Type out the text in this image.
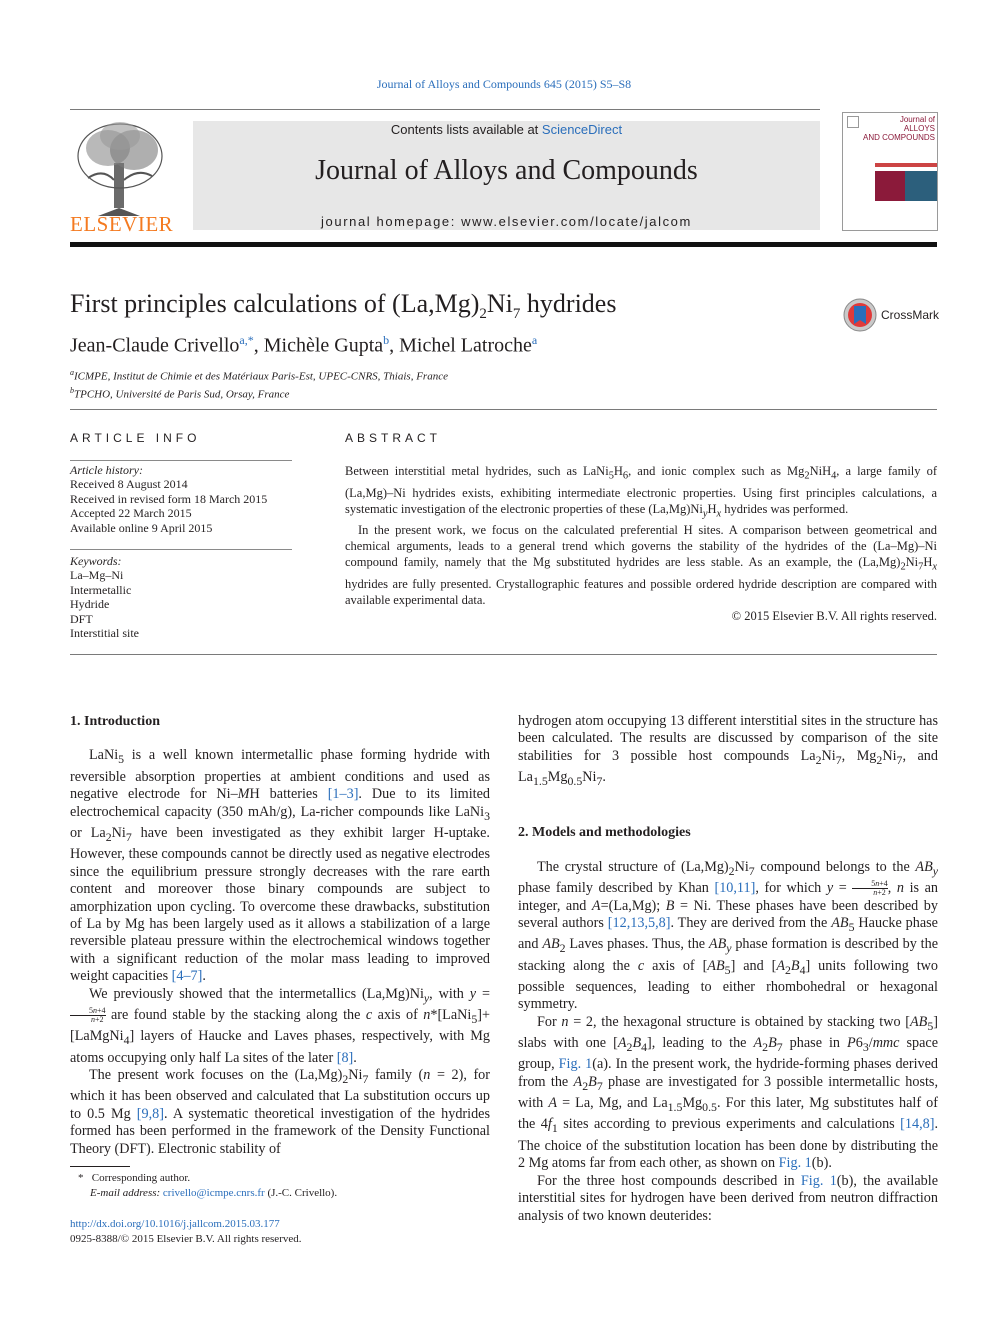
Journal of Alloys and Compounds 645 (2015) S5–S8
ELSEVIER
Contents lists available at ScienceDirect
Journal of Alloys and Compounds
journal homepage: www.elsevier.com/locate/jalcom
Journal of
ALLOYS
AND COMPOUNDS
First principles calculations of $(La,Mg)_2Ni_7$ hydrides	CrossMark
Jean-Claude Crivello$^{a,*}$, Michèle Gupta$^b$, Michel Latroche$^a$
$^a$ICMPE, Institut de Chimie et des Matériaux Paris-Est, UPEC-CNRS, Thiais, France
$^b$TPCHO, Université de Paris Sud, Orsay, France
ARTICLE INFO
Article history:
Received 8 August 2014
Received in revised form 18 March 2015
Accepted 22 March 2015
Available online 9 April 2015
Keywords:
La–Mg–Ni
Intermetallic
Hydride
DFT
Interstitial site
ABSTRACT

Between interstitial metal hydrides, such as $LaNi_5H_6$, and ionic complex such as $Mg_2NiH_4$, a large family of (La,Mg)–Ni hydrides exists, exhibiting intermediate electronic properties. Using first principles calculations, a systematic investigation of the electronic properties of these $(La,Mg)Ni_yH_x$ hydrides was performed.

In the present work, we focus on the calculated preferential H sites. A comparison between geometrical and chemical arguments, leads to a general trend which governs the stability of the hydrides of the (La–Mg)–Ni compound family, namely that the Mg substituted hydrides are less stable. As an example, the $(La,Mg)_2Ni_7H_x$ hydrides are fully presented. Crystallographic features and possible ordered hydride description are compared with available experimental data.

© 2015 Elsevier B.V. All rights reserved.

1. Introduction

LaNi$_5$ is a well known intermetallic phase forming hydride with reversible absorption properties at ambient conditions and used as negative electrode for Ni–MH batteries [1–3]. Due to its limited electrochemical capacity (350 mAh/g), La-richer compounds like LaNi$_3$ or $La_2Ni_7$ have been investigated as they exhibit larger H-uptake. However, these compounds cannot be directly used as negative electrodes since the equilibrium pressure strongly decreases with the rare earth content and moreover those binary compounds are subject to amorphization upon cycling. To overcome these drawbacks, substitution of La by Mg has been largely used as it allows a stabilization of a large reversible plateau pressure within the electrochemical windows together with a significant reduction of the molar mass leading to improved weight capacities [4–7].

We previously showed that the intermetallics $(La,Mg)Ni_y$, with y =
$\frac{5n+4}{n+2}$ are found stable by the stacking along the c axis of n*[LaNi$_5$]+[LaMgNi$_4$] layers of Haucke and Laves phases, respectively, with Mg atoms occupying only half La sites of the later [8].

The present work focuses on the $(La,Mg)_2Ni_7$ family (n = 2), for which it has been observed and calculated that La substitution occurs up to 0.5 Mg [9,8]. A systematic theoretical investigation of the hydrides formed has been performed in the framework of the Density Functional Theory (DFT). Electronic stability of

hydrogen atom occupying 13 different interstitial sites in the structure has been calculated. The results are discussed by comparison of the site stabilities for 3 possible host compounds $La_2Ni_7$, $Mg_2Ni_7$, and $La_{1.5}Mg_{0.5}Ni_7$.

2. Models and methodologies

The crystal structure of $(La,Mg)_2Ni_7$ compound belongs to the $AB_y$ phase family described by Khan [10,11], for which $y = \frac{5n+4}{n+2}$ , n is an integer, and A=(La,Mg); B = Ni. These phases have been described by several authors [12,13,5,8]. They are derived from the $AB_5$ Haucke phase and $AB_2$ Laves phases. Thus, the $AB_y$ phase formation is described by the stacking along the c axis of $[AB_5]$ and $[A_2B_4]$ units following two possible sequences, leading to either rhombohedral or hexagonal symmetry.

For n = 2, the hexagonal structure is obtained by stacking two $[AB_5]$ slabs with one $[A_2B_4]$, leading to the $A_2B_7$ phase in $P6_3$/mmc space group, Fig. 1(a). In the present work, the hydride-forming phases derived from the $A_2B_7$ phase are investigated for 3 possible intermetallic hosts, with A = La, Mg, and $La_{1.5}Mg_{0.5}$. For this later, Mg substitutes half of the $4f_1$ sites according to previous experiments and calculations [14,8]. The choice of the substitution location has been done by distributing the 2 Mg atoms far from each other, as shown on Fig. 1(b).

For the three host compounds described in Fig. 1(b), the available interstitial sites for hydrogen have been derived from neutron diffraction analysis of two known deuterides:

* Corresponding author.
E-mail address: crivello@icmpe.cnrs.fr (J.-C. Crivello).
http://dx.doi.org/10.1016/j.jallcom.2015.03.177
0925-8388/© 2015 Elsevier B.V. All rights reserved.
